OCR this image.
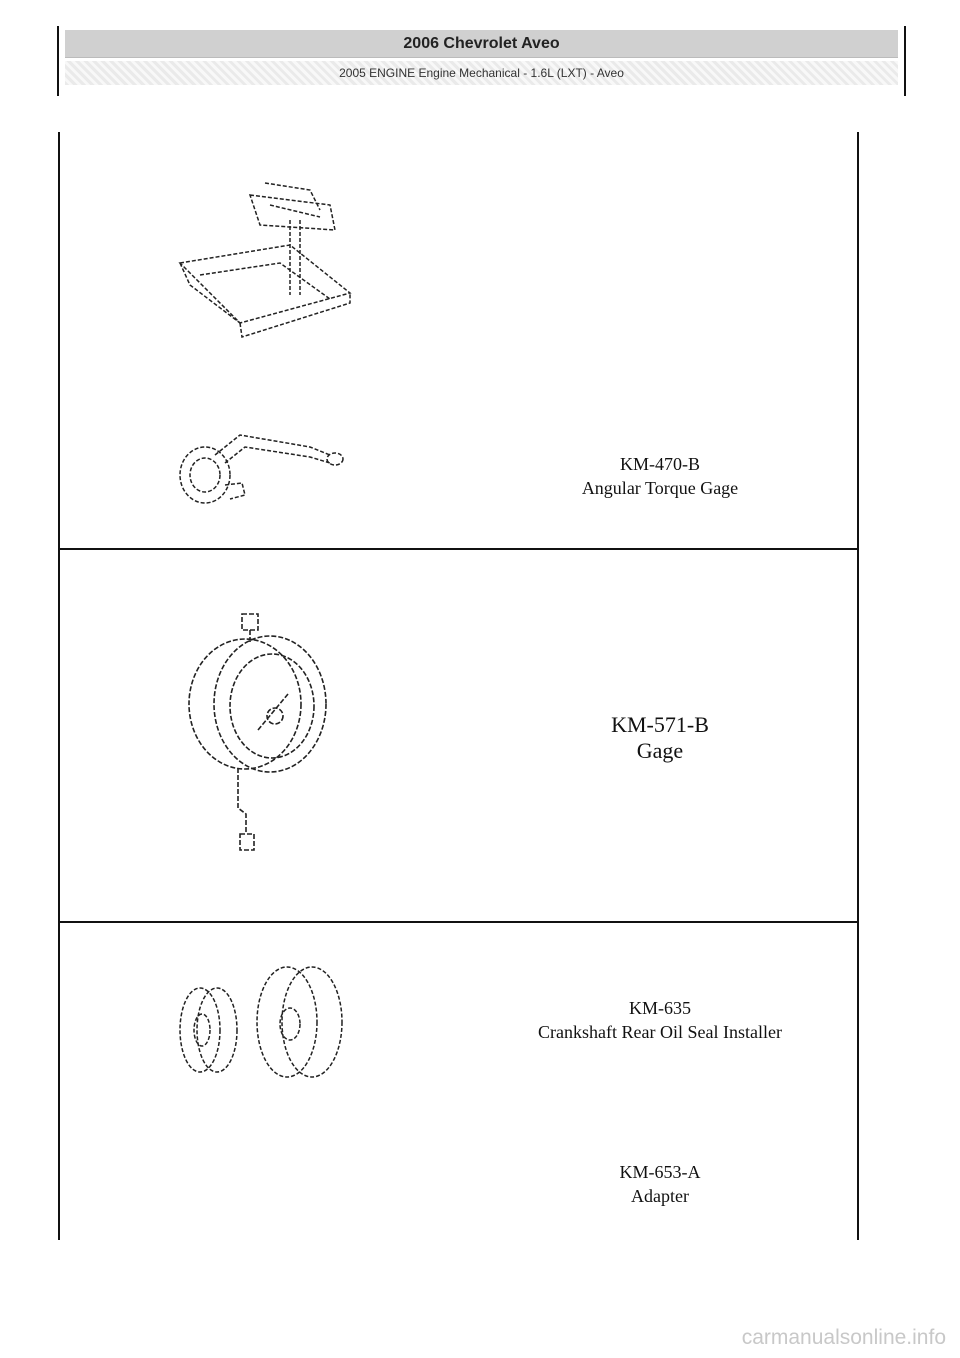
2006 Chevrolet Aveo
2005 ENGINE Engine Mechanical - 1.6L (LXT) - Aveo
KM-470-B
Angular Torque Gage
KM-571-B
Gage
KM-635
Crankshaft Rear Oil Seal Installer
KM-653-A
Adapter
carmanualsonline.info
